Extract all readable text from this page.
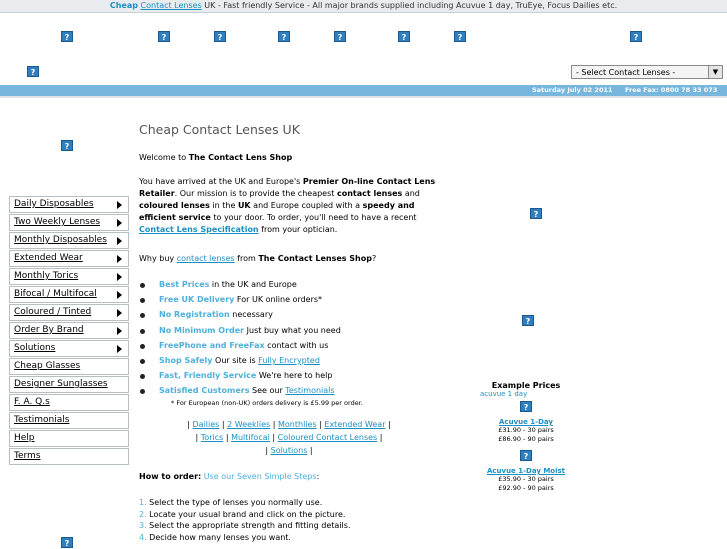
Cheap Contact Lenses UK - Fast friendly Service - All major brands supplied including Acuvue 1 day, TruEye, Focus Dailies etc.
?
?
?
?
?
?
?
?
?
- Select Contact Lenses -	▼
Saturday July 02 2011 Free Fax: 0800 78 33 073
?
Daily Disposables
Two Weekly Lenses
Monthly Disposables
Extended Wear
Monthly Torics
Bifocal / Multifocal
Coloured / Tinted
Order By Brand
Solutions
Cheap Glasses
Designer Sunglasses
F. A. Q.s
Testimonials
Help
Terms
?
Cheap Contact Lenses UK
Welcome to The Contact Lens Shop
You have arrived at the UK and Europe's Premier On-line Contact Lens Retailer. Our mission is to provide the cheapest contact lenses and coloured lenses in the UK and Europe coupled with a speedy and efficient service to your door. To order, you'll need to have a recent Contact Lens Specification from your optician.
Why buy contact lenses from The Contact Lenses Shop?
Best Prices in the UK and Europe
Free UK Delivery For UK online orders*
No Registration necessary
No Minimum Order Just buy what you need
FreePhone and FreeFax contact with us
Shop Safely Our site is Fully Encrypted
Fast, Friendly Service We're here to help
Satisfied Customers See our Testimonials
* For European (non-UK) orders delivery is £5.99 per order.
| Dailies | 2 Weeklies | Monthlies | Extended Wear |
| Torics | Multifocal | Coloured Contact Lenses |
| Solutions |
How to order: Use our Seven Simple Steps:
1. Select the type of lenses you normally use.
2. Locate your usual brand and click on the picture.
3. Select the appropriate strength and fitting details.
4. Decide how many lenses you want.
?
?
Example Prices
acuvue 1 day
?
Acuvue 1-Day
£31.90 - 30 pairs
£86.90 - 90 pairs
?
Acuvue 1-Day Moist
£35.90 - 30 pairs
£92.90 - 90 pairs
